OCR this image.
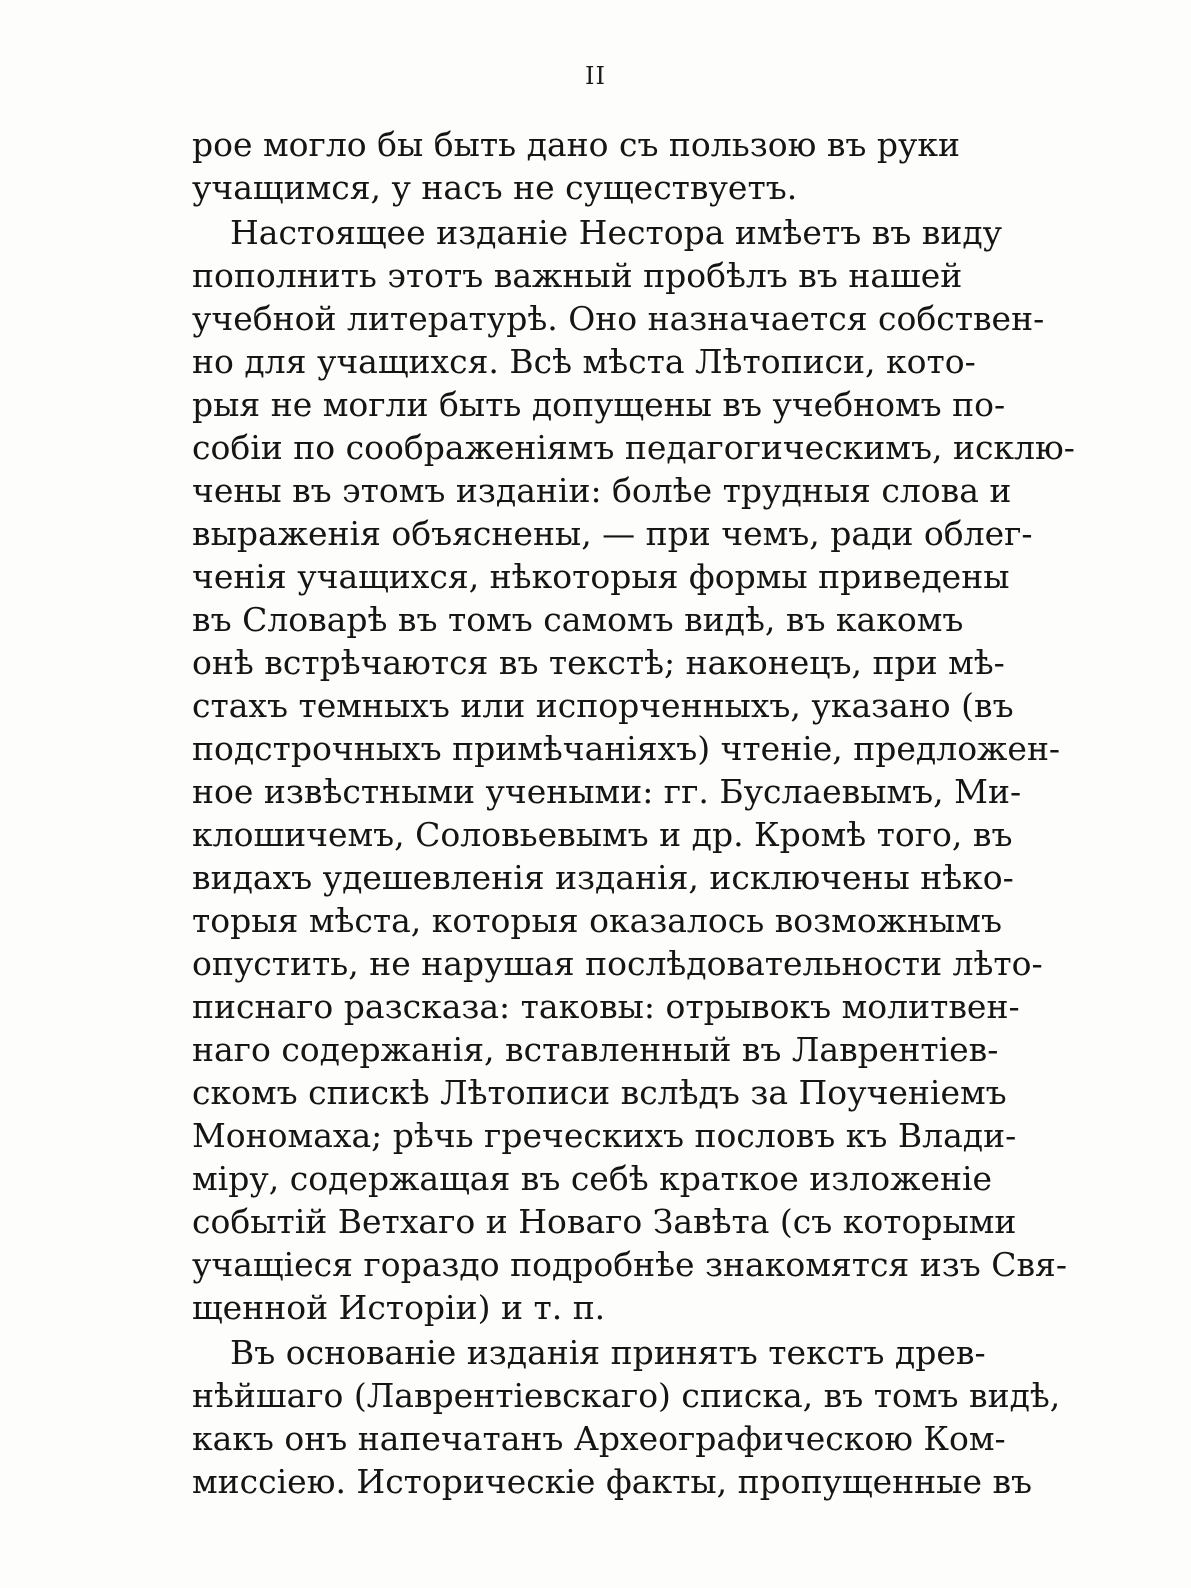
II
рое могло бы быть дано съ пользою въ руки
учащимся, у насъ не существуетъ.
Настоящее изданіе Нестора имѣетъ въ виду
пополнить этотъ важный пробѣлъ въ нашей
учебной литературѣ. Оно назначается собствен-
но для учащихся. Всѣ мѣста Лѣтописи, кото-
рыя не могли быть допущены въ учебномъ по-
собіи по соображеніямъ педагогическимъ, исклю-
чены въ этомъ изданіи: болѣе трудныя слова и
выраженія объяснены, — при чемъ, ради облег-
ченія учащихся, нѣкоторыя формы приведены
въ Словарѣ въ томъ самомъ видѣ, въ какомъ
онѣ встрѣчаются въ текстѣ; наконецъ, при мѣ-
стахъ темныхъ или испорченныхъ, указано (въ
подстрочныхъ примѣчаніяхъ) чтеніе, предложен-
ное извѣстными учеными: гг. Буслаевымъ, Ми-
клошичемъ, Соловьевымъ и др. Кромѣ того, въ
видахъ удешевленія изданія, исключены нѣко-
торыя мѣста, которыя оказалось возможнымъ
опустить, не нарушая послѣдовательности лѣто-
писнаго разсказа: таковы: отрывокъ молитвен-
наго содержанія, вставленный въ Лаврентіев-
скомъ спискѣ Лѣтописи вслѣдъ за Поученіемъ
Мономаха; рѣчь греческихъ пословъ къ Влади-
міру, содержащая въ себѣ краткое изложеніе
событій Ветхаго и Новаго Завѣта (съ которыми
учащіеся гораздо подробнѣе знакомятся изъ Свя-
щенной Исторіи) и т. п.
Въ основаніе изданія принятъ текстъ древ-
нѣйшаго (Лаврентіевскаго) списка, въ томъ видѣ,
какъ онъ напечатанъ Археографическою Ком-
миссіею. Историческіе факты, пропущенные въ
